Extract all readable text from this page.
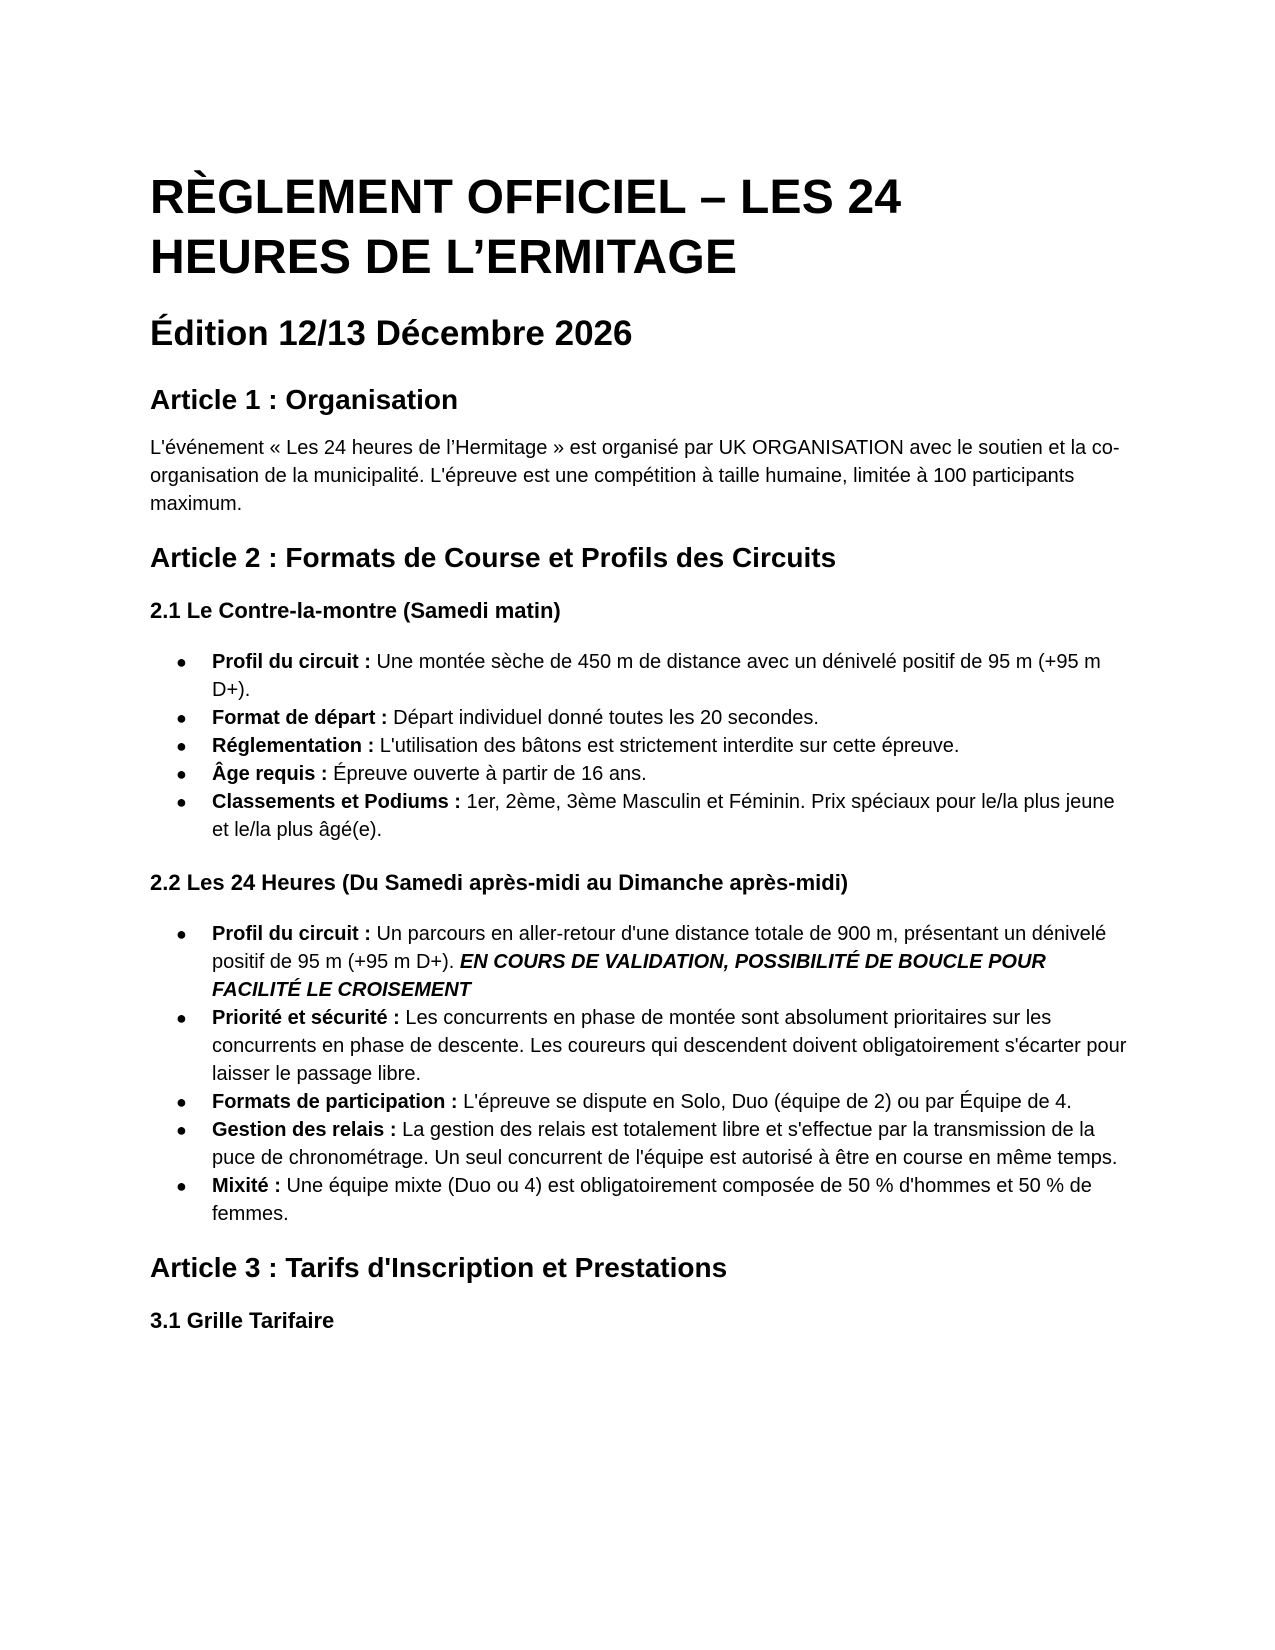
RÈGLEMENT OFFICIEL – LES 24
HEURES DE L’ERMITAGE
Édition 12/13 Décembre 2026
Article 1 : Organisation

L'événement « Les 24 heures de l’Hermitage » est organisé par UK ORGANISATION avec le soutien et la co-organisation de la municipalité. L'épreuve est une compétition à taille humaine, limitée à 100 participants maximum.

Article 2 : Formats de Course et Profils des Circuits
2.1 Le Contre-la-montre (Samedi matin)
● Profil du circuit : Une montée sèche de 450 m de distance avec un dénivelé positif de 95 m (+95 m D+).
● Format de départ : Départ individuel donné toutes les 20 secondes.
● Réglementation : L'utilisation des bâtons est strictement interdite sur cette épreuve.
● Âge requis : Épreuve ouverte à partir de 16 ans.
● Classements et Podiums : 1er, 2ème, 3ème Masculin et Féminin. Prix spéciaux pour le/la plus jeune et le/la plus âgé(e).
2.2 Les 24 Heures (Du Samedi après-midi au Dimanche après-midi)
● Profil du circuit : Un parcours en aller-retour d'une distance totale de 900 m, présentant un dénivelé positif de 95 m (+95 m D+). EN COURS DE VALIDATION, POSSIBILITÉ DE BOUCLE POUR FACILITÉ LE CROISEMENT
● Priorité et sécurité : Les concurrents en phase de montée sont absolument prioritaires sur les concurrents en phase de descente. Les coureurs qui descendent doivent obligatoirement s'écarter pour laisser le passage libre.
● Formats de participation : L'épreuve se dispute en Solo, Duo (équipe de 2) ou par Équipe de 4.
● Gestion des relais : La gestion des relais est totalement libre et s'effectue par la transmission de la puce de chronométrage. Un seul concurrent de l'équipe est autorisé à être en course en même temps.
● Mixité : Une équipe mixte (Duo ou 4) est obligatoirement composée de 50 % d'hommes et 50 % de femmes.
Article 3 : Tarifs d'Inscription et Prestations
3.1 Grille Tarifaire
